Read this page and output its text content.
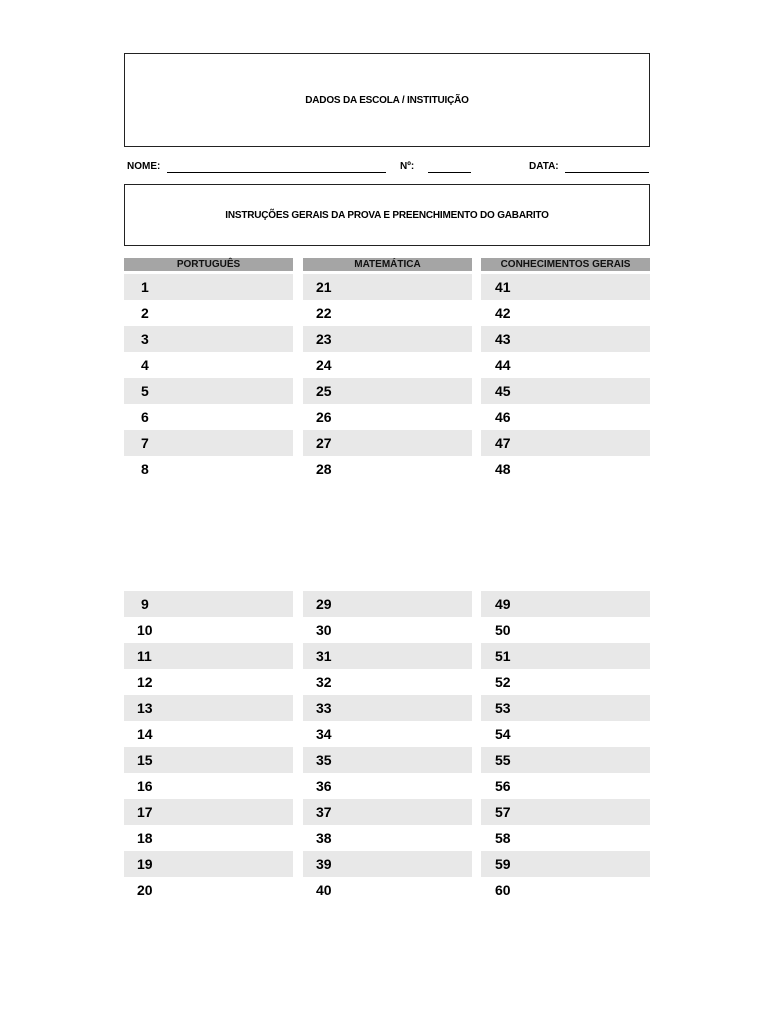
DADOS DA ESCOLA / INSTITUIÇÃO
NOME:	Nº:	DATA:
INSTRUÇÕES GERAIS DA PROVA E PREENCHIMENTO DO GABARITO
PORTUGUÊS
1
2
3
4
5
6
7
8
9
10
11
12
13
14
15
16
17
18
19
20
MATEMÁTICA
21
22
23
24
25
26
27
28
29
30
31
32
33
34
35
36
37
38
39
40
CONHECIMENTOS GERAIS
41
42
43
44
45
46
47
48
49
50
51
52
53
54
55
56
57
58
59
60
